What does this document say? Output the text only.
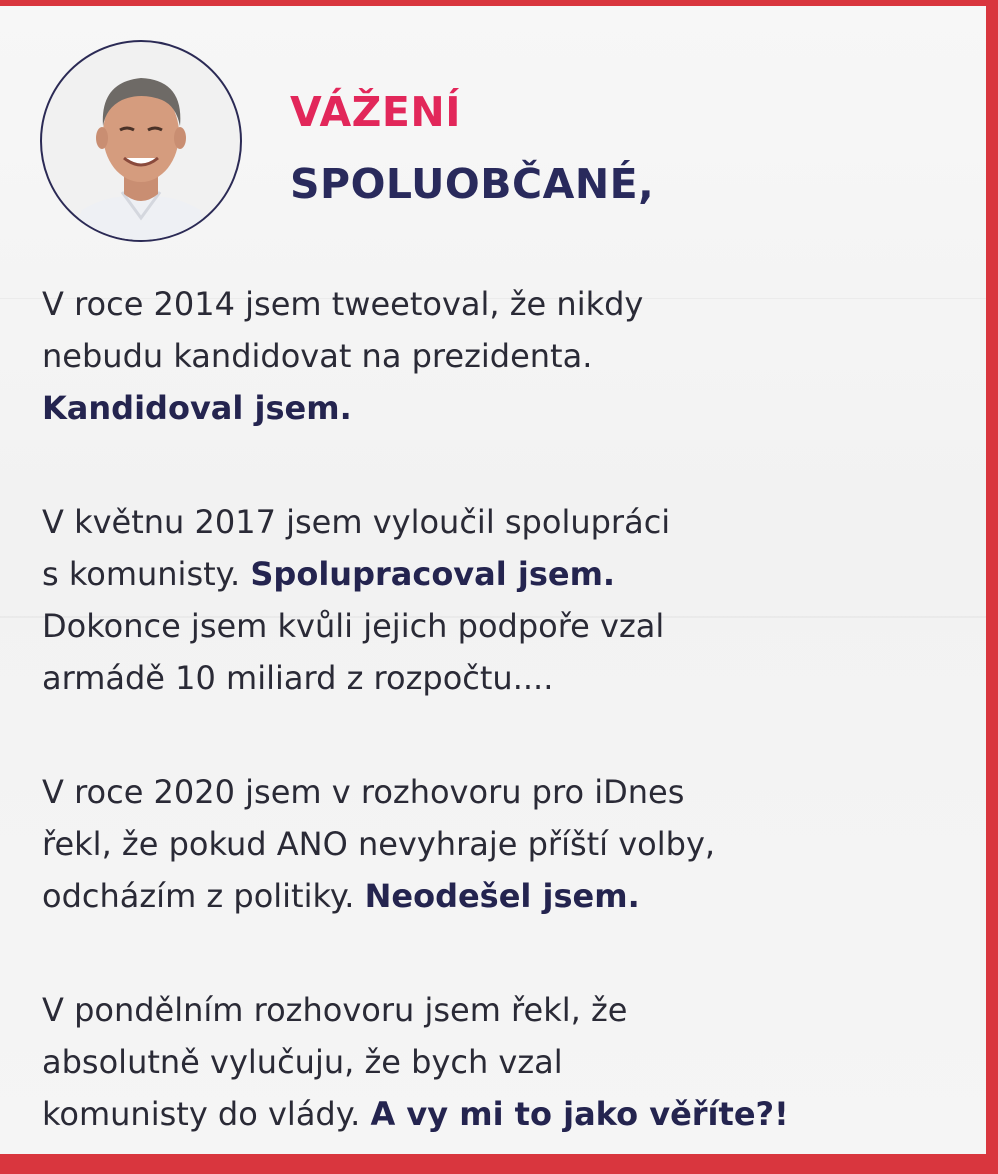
VÁŽENÍ
SPOLUOBČANÉ,

V roce 2014 jsem tweetoval, že nikdy
nebudu kandidovat na prezidenta.
Kandidoval jsem.

V květnu 2017 jsem vyloučil spolupráci
s komunisty. Spolupracoval jsem.
Dokonce jsem kvůli jejich podpoře vzal
armádě 10 miliard z rozpočtu....

V roce 2020 jsem v rozhovoru pro iDnes
řekl, že pokud ANO nevyhraje příští volby,
odcházím z politiky. Neodešel jsem.

V pondělním rozhovoru jsem řekl, že
absolutně vylučuju, že bych vzal
komunisty do vlády. A vy mi to jako věříte?!
